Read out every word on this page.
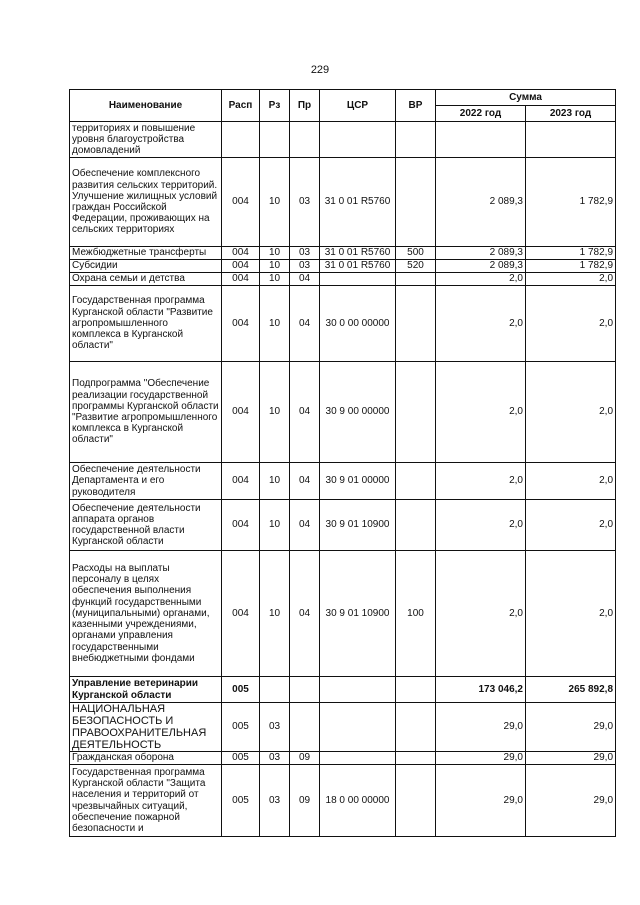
229
Наименование	Расп	Рз	Пр	ЦСР	ВР	Сумма	
						2022 год	2023 год
территориях и повышение уровня благоустройства домовладений							
Обеспечение комплексного развития сельских территорий. Улучшение жилищных условий граждан Российской Федерации, проживающих на сельских территориях	004	10	03	31 0 01 R5760		2 089,3	1 782,9
Межбюджетные трансферты	004	10	03	31 0 01 R5760	500	2 089,3	1 782,9
Субсидии	004	10	03	31 0 01 R5760	520	2 089,3	1 782,9
Охрана семьи и детства	004	10	04			2,0	2,0
Государственная программа Курганской области "Развитие агропромышленного комплекса в Курганской области"	004	10	04	30 0 00 00000		2,0	2,0
Подпрограмма "Обеспечение реализации государственной программы Курганской области "Развитие агропромышленного комплекса в Курганской области"	004	10	04	30 9 00 00000		2,0	2,0
Обеспечение деятельности Департамента и его руководителя	004	10	04	30 9 01 00000		2,0	2,0
Обеспечение деятельности аппарата органов государственной власти Курганской области	004	10	04	30 9 01 10900		2,0	2,0
Расходы на выплаты персоналу в целях обеспечения выполнения функций государственными (муниципальными) органами, казенными учреждениями, органами управления государственными внебюджетными фондами	004	10	04	30 9 01 10900	100	2,0	2,0
Управление ветеринарии Курганской области	005					173 046,2	265 892,8
НАЦИОНАЛЬНАЯ БЕЗОПАСНОСТЬ И ПРАВООХРАНИТЕЛЬНАЯ ДЕЯТЕЛЬНОСТЬ	005	03				29,0	29,0
Гражданская оборона	005	03	09			29,0	29,0
Государственная программа Курганской области "Защита населения и территорий от чрезвычайных ситуаций, обеспечение пожарной безопасности и	005	03	09	18 0 00 00000		29,0	29,0
